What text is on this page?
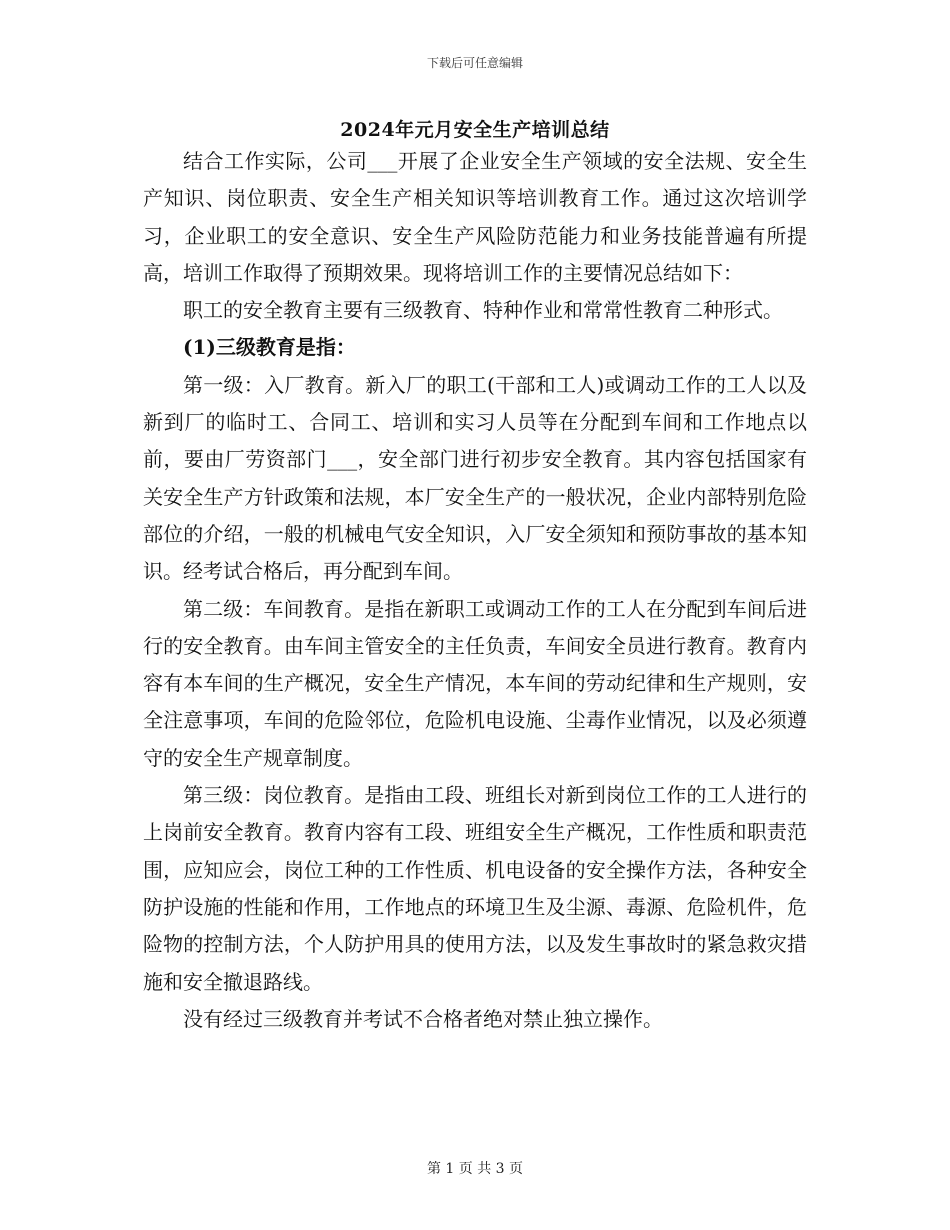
下载后可任意编辑
2024年元月安全生产培训总结

结合工作实际，公司___开展了企业安全生产领域的安全法规、安全生产知识、岗位职责、安全生产相关知识等培训教育工作。通过这次培训学习，企业职工的安全意识、安全生产风险防范能力和业务技能普遍有所提高，培训工作取得了预期效果。现将培训工作的主要情况总结如下：

职工的安全教育主要有三级教育、特种作业和常常性教育二种形式。

(1)三级教育是指：

第一级：入厂教育。新入厂的职工(干部和工人)或调动工作的工人以及新到厂的临时工、合同工、培训和实习人员等在分配到车间和工作地点以前，要由厂劳资部门___，安全部门进行初步安全教育。其内容包括国家有关安全生产方针政策和法规，本厂安全生产的一般状况，企业内部特别危险部位的介绍，一般的机械电气安全知识，入厂安全须知和预防事故的基本知识。经考试合格后，再分配到车间。

第二级：车间教育。是指在新职工或调动工作的工人在分配到车间后进行的安全教育。由车间主管安全的主任负责，车间安全员进行教育。教育内容有本车间的生产概况，安全生产情况，本车间的劳动纪律和生产规则，安全注意事项，车间的危险邻位，危险机电设施、尘毒作业情况，以及必须遵守的安全生产规章制度。

第三级：岗位教育。是指由工段、班组长对新到岗位工作的工人进行的上岗前安全教育。教育内容有工段、班组安全生产概况，工作性质和职责范围，应知应会，岗位工种的工作性质、机电设备的安全操作方法，各种安全防护设施的性能和作用，工作地点的环境卫生及尘源、毒源、危险机件，危险物的控制方法，个人防护用具的使用方法，以及发生事故时的紧急救灾措施和安全撤退路线。

没有经过三级教育并考试不合格者绝对禁止独立操作。

第 1 页 共 3 页
